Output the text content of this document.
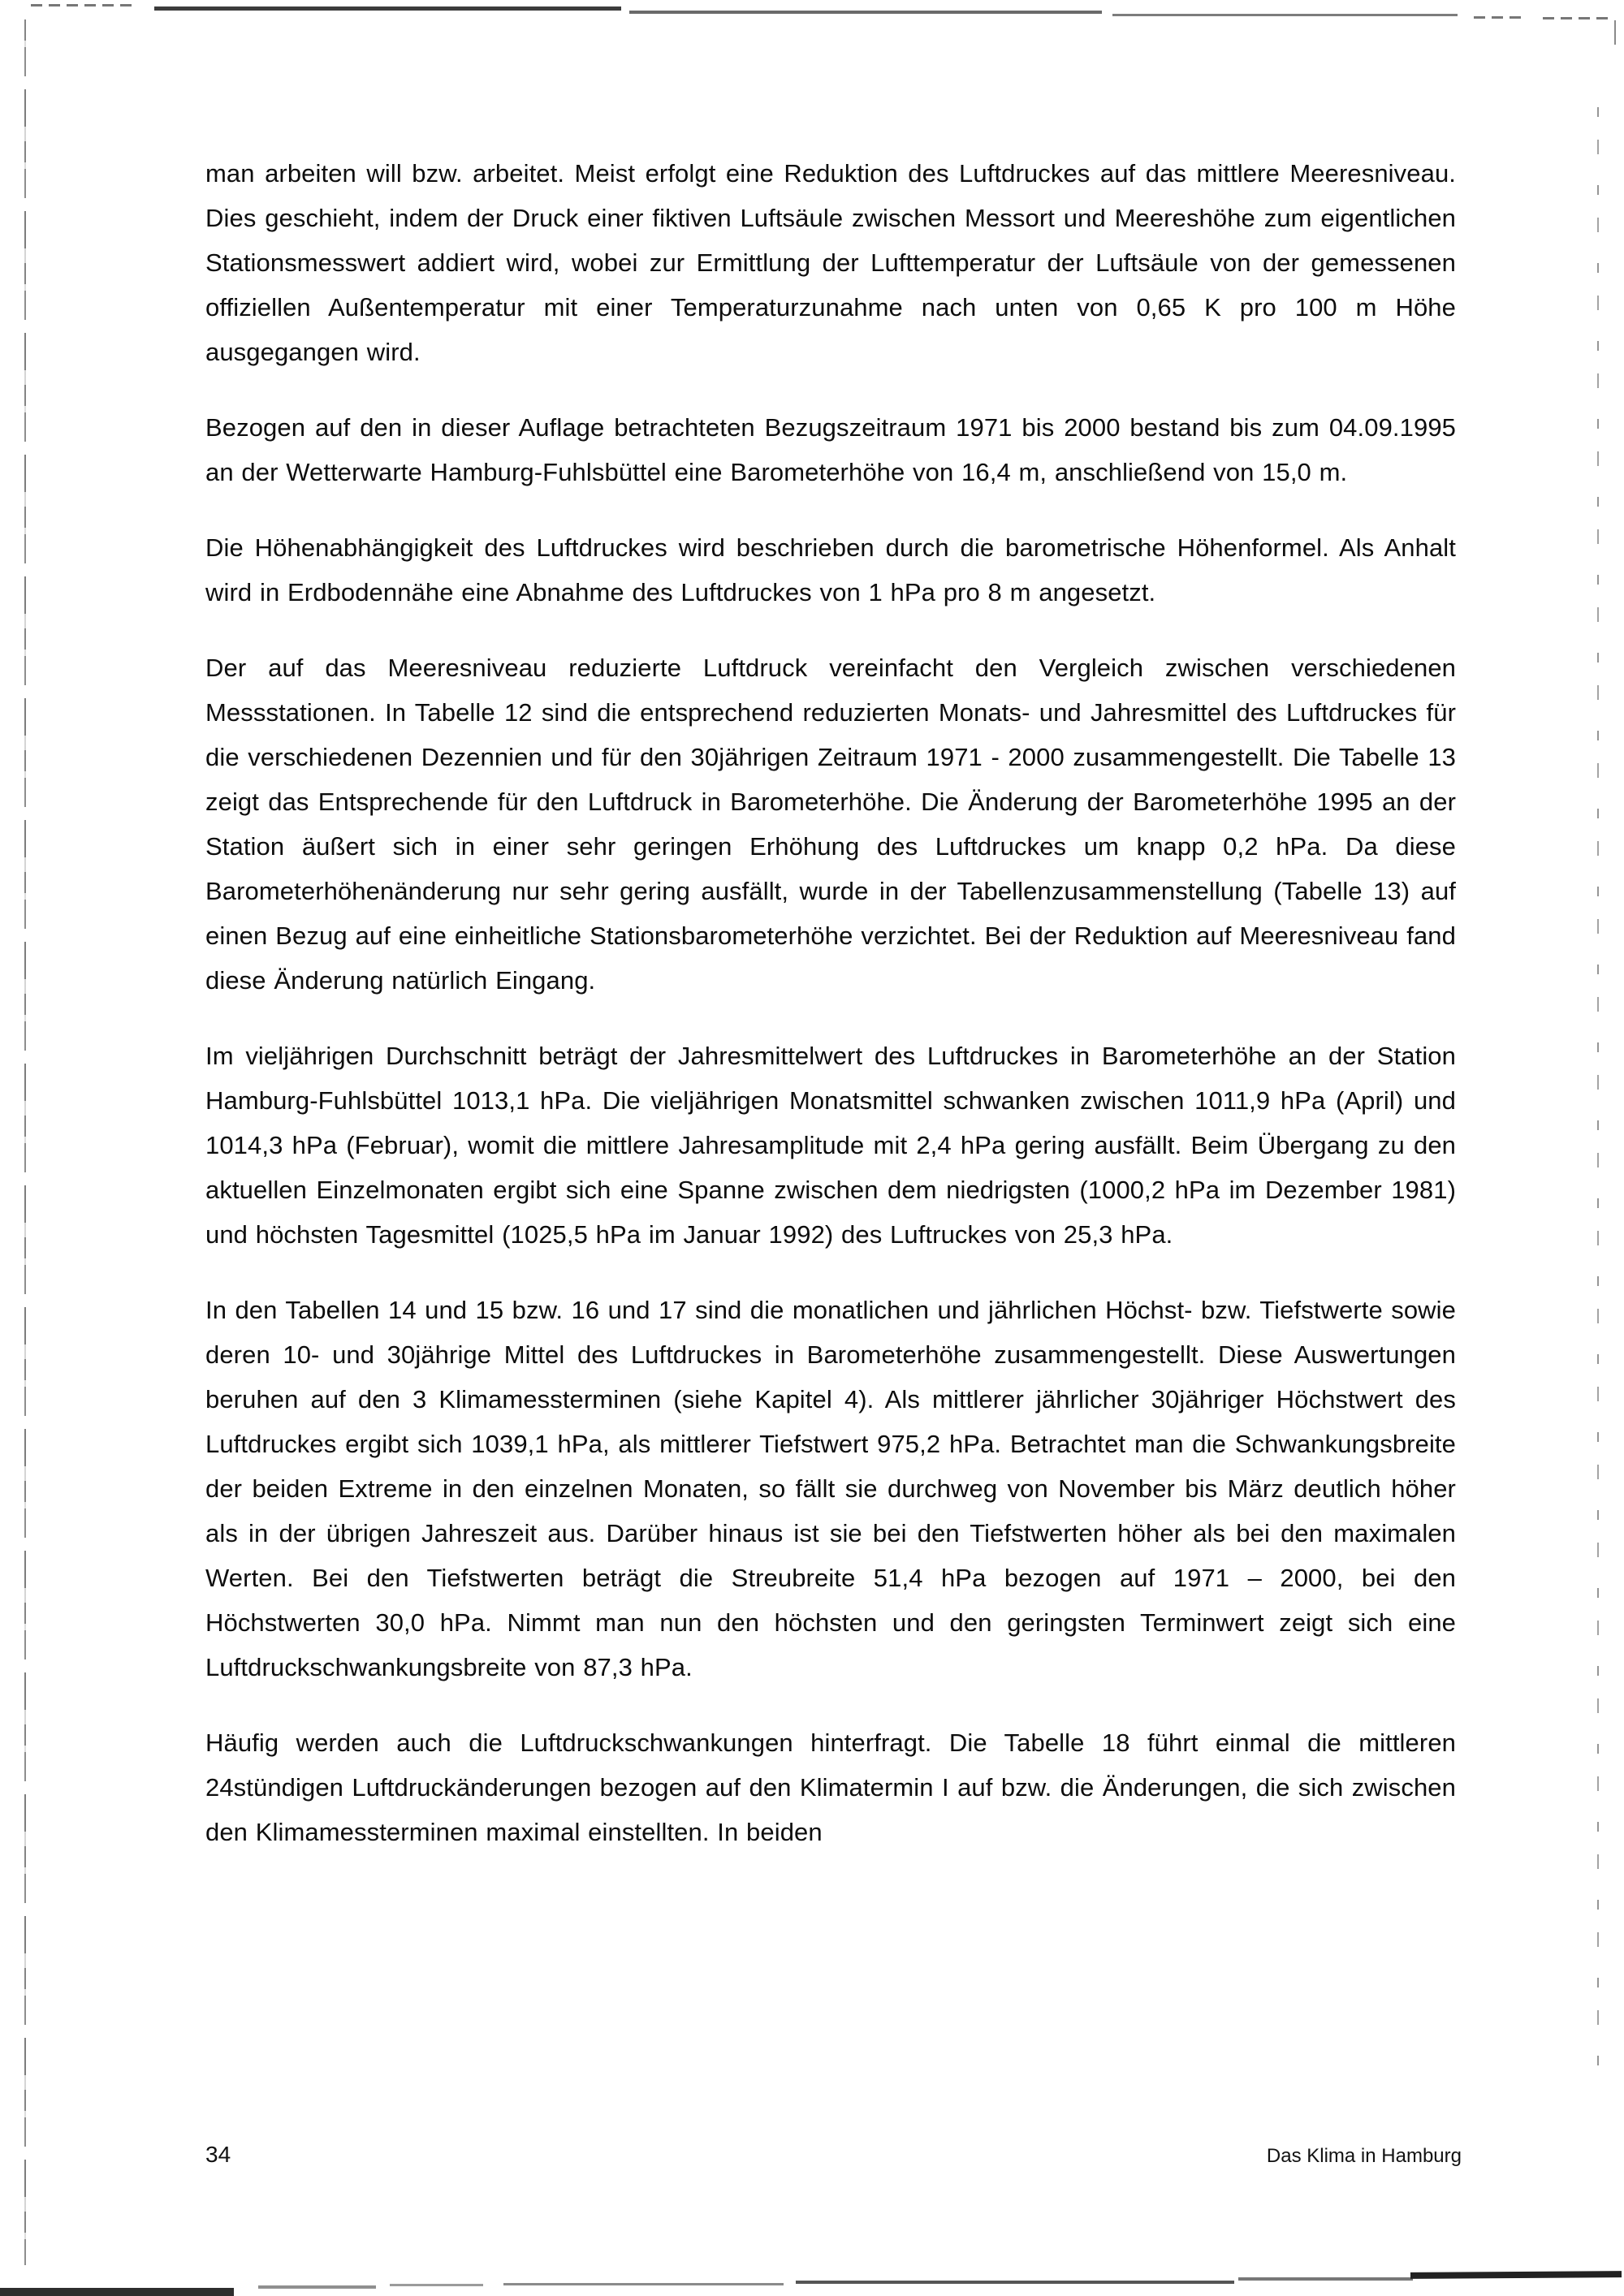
man arbeiten will bzw. arbeitet. Meist erfolgt eine Reduktion des Luftdruckes auf das mittlere Meeresniveau. Dies geschieht, indem der Druck einer fiktiven Luftsäule zwischen Messort und Meereshöhe zum eigentlichen Stationsmesswert addiert wird, wobei zur Ermittlung der Lufttemperatur der Luftsäule von der gemessenen offiziellen Außentemperatur mit einer Temperaturzunahme nach unten von 0,65 K pro 100 m Höhe ausgegangen wird.

Bezogen auf den in dieser Auflage betrachteten Bezugszeitraum 1971 bis 2000 bestand bis zum 04.09.1995 an der Wetterwarte Hamburg-Fuhlsbüttel eine Barometerhöhe von 16,4 m, anschließend von 15,0 m.

Die Höhenabhängigkeit des Luftdruckes wird beschrieben durch die barometrische Höhenformel. Als Anhalt wird in Erdbodennähe eine Abnahme des Luftdruckes von 1 hPa pro 8 m angesetzt.

Der auf das Meeresniveau reduzierte Luftdruck vereinfacht den Vergleich zwischen verschiedenen Messstationen. In Tabelle 12 sind die entsprechend reduzierten Monats- und Jahresmittel des Luftdruckes für die verschiedenen Dezennien und für den 30jährigen Zeitraum 1971 - 2000 zusammengestellt. Die Tabelle 13 zeigt das Entsprechende für den Luftdruck in Barometerhöhe. Die Änderung der Barometerhöhe 1995 an der Station äußert sich in einer sehr geringen Erhöhung des Luftdruckes um knapp 0,2 hPa. Da diese Barometerhöhenänderung nur sehr gering ausfällt, wurde in der Tabellenzusammenstellung (Tabelle 13) auf einen Bezug auf eine einheitliche Stationsbarometerhöhe verzichtet. Bei der Reduktion auf Meeresniveau fand diese Änderung natürlich Eingang.

Im vieljährigen Durchschnitt beträgt der Jahresmittelwert des Luftdruckes in Barometerhöhe an der Station Hamburg-Fuhlsbüttel 1013,1 hPa. Die vieljährigen Monatsmittel schwanken zwischen 1011,9 hPa (April) und 1014,3 hPa (Februar), womit die mittlere Jahresamplitude mit 2,4 hPa gering ausfällt. Beim Übergang zu den aktuellen Einzelmonaten ergibt sich eine Spanne zwischen dem niedrigsten (1000,2 hPa im Dezember 1981) und höchsten Tagesmittel (1025,5 hPa im Januar 1992) des Luftruckes von 25,3 hPa.

In den Tabellen 14 und 15 bzw. 16 und 17 sind die monatlichen und jährlichen Höchst- bzw. Tiefstwerte sowie deren 10- und 30jährige Mittel des Luftdruckes in Barometerhöhe zusammengestellt. Diese Auswertungen beruhen auf den 3 Klimamessterminen (siehe Kapitel 4). Als mittlerer jährlicher 30jähriger Höchstwert des Luftdruckes ergibt sich 1039,1 hPa, als mittlerer Tiefstwert 975,2 hPa. Betrachtet man die Schwankungsbreite der beiden Extreme in den einzelnen Monaten, so fällt sie durchweg von November bis März deutlich höher als in der übrigen Jahreszeit aus. Darüber hinaus ist sie bei den Tiefstwerten höher als bei den maximalen Werten. Bei den Tiefstwerten beträgt die Streubreite 51,4 hPa bezogen auf 1971 – 2000, bei den Höchstwerten 30,0 hPa. Nimmt man nun den höchsten und den geringsten Terminwert zeigt sich eine Luftdruckschwankungsbreite von 87,3 hPa.

Häufig werden auch die Luftdruckschwankungen hinterfragt. Die Tabelle 18 führt einmal die mittleren 24stündigen Luftdruckänderungen bezogen auf den Klimatermin I auf bzw. die Änderungen, die sich zwischen den Klimamessterminen maximal einstellten. In beiden

34	Das Klima in Hamburg
